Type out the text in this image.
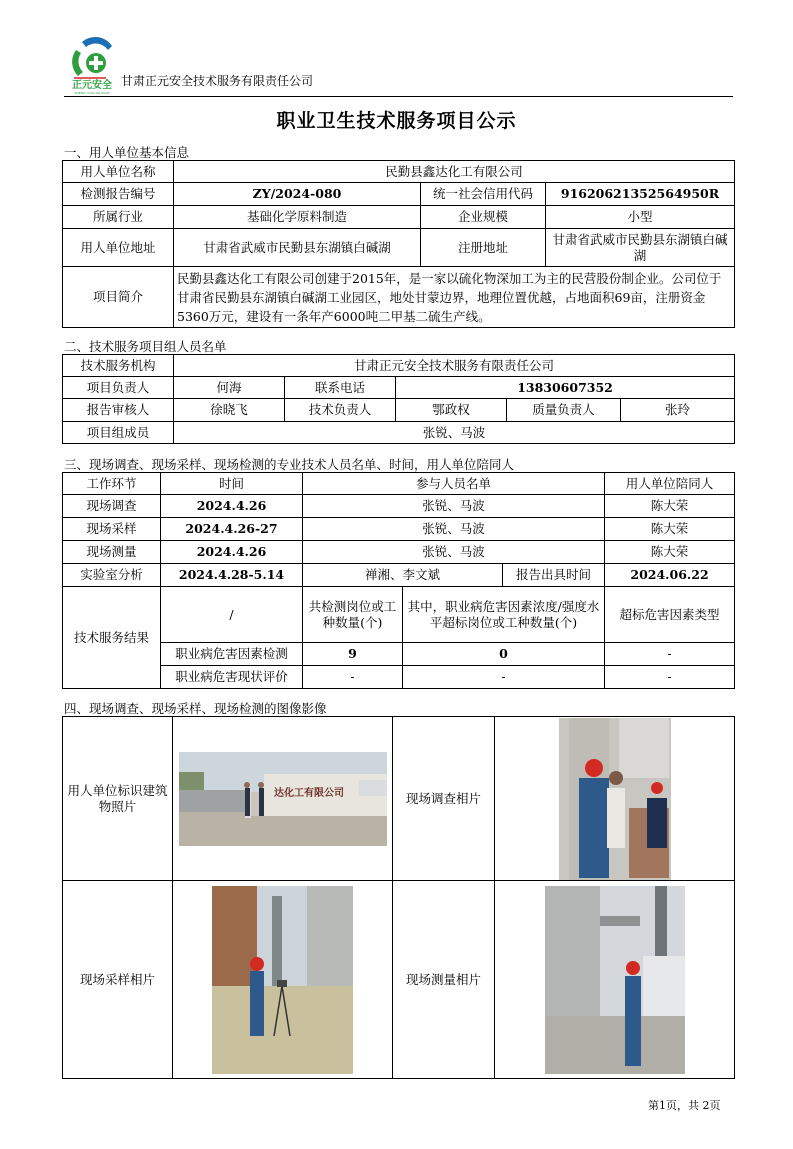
正元安全
ZHENG YUAN AN QUAN
甘肃正元安全技术服务有限责任公司
职业卫生技术服务项目公示
一、用人单位基本信息
用人单位名称	民勤县鑫达化工有限公司		
检测报告编号	ZY/2024-080	统一社会信用代码	91620621352564950R
所属行业	基础化学原料制造	企业规模	小型
用人单位地址	甘肃省武威市民勤县东湖镇白碱湖	注册地址	甘肃省武威市民勤县东湖镇白碱湖
项目简介	民勤县鑫达化工有限公司创建于2015年，是一家以硫化物深加工为主的民营股份制企业。公司位于甘肃省民勤县东湖镇白碱湖工业园区，地处甘蒙边界，地理位置优越，占地面积69亩，注册资金5360万元，建设有一条年产6000吨二甲基二硫生产线。		
二、技术服务项目组人员名单
技术服务机构	甘肃正元安全技术服务有限责任公司				
项目负责人	何海	联系电话	13830607352		
报告审核人	徐晓飞	技术负责人	鄂政权	质量负责人	张玲
项目组成员	张锐、马波				
三、现场调查、现场采样、现场检测的专业技术人员名单、时间，用人单位陪同人
工作环节	时间	参与人员名单			用人单位陪同人
现场调查	2024.4.26	张锐、马波			陈大荣
现场采样	2024.4.26-27	张锐、马波			陈大荣
现场测量	2024.4.26	张锐、马波			陈大荣
实验室分析	2024.4.28-5.14	禅湘、李文斌		报告出具时间	2024.06.22
技术服务结果	/	共检测岗位或工种数量(个)	其中，职业病危害因素浓度/强度水平超标岗位或工种数量(个)		超标危害因素类型
	职业病危害因素检测	9	0		-
	职业病危害现状评价	-	-		-
四、现场调查、现场采样、现场检测的图像影像
用人单位标识建筑物照片	达化工有限公司	现场调查相片	

现场采样相片		现场测量相片	
第1页，共 2页
